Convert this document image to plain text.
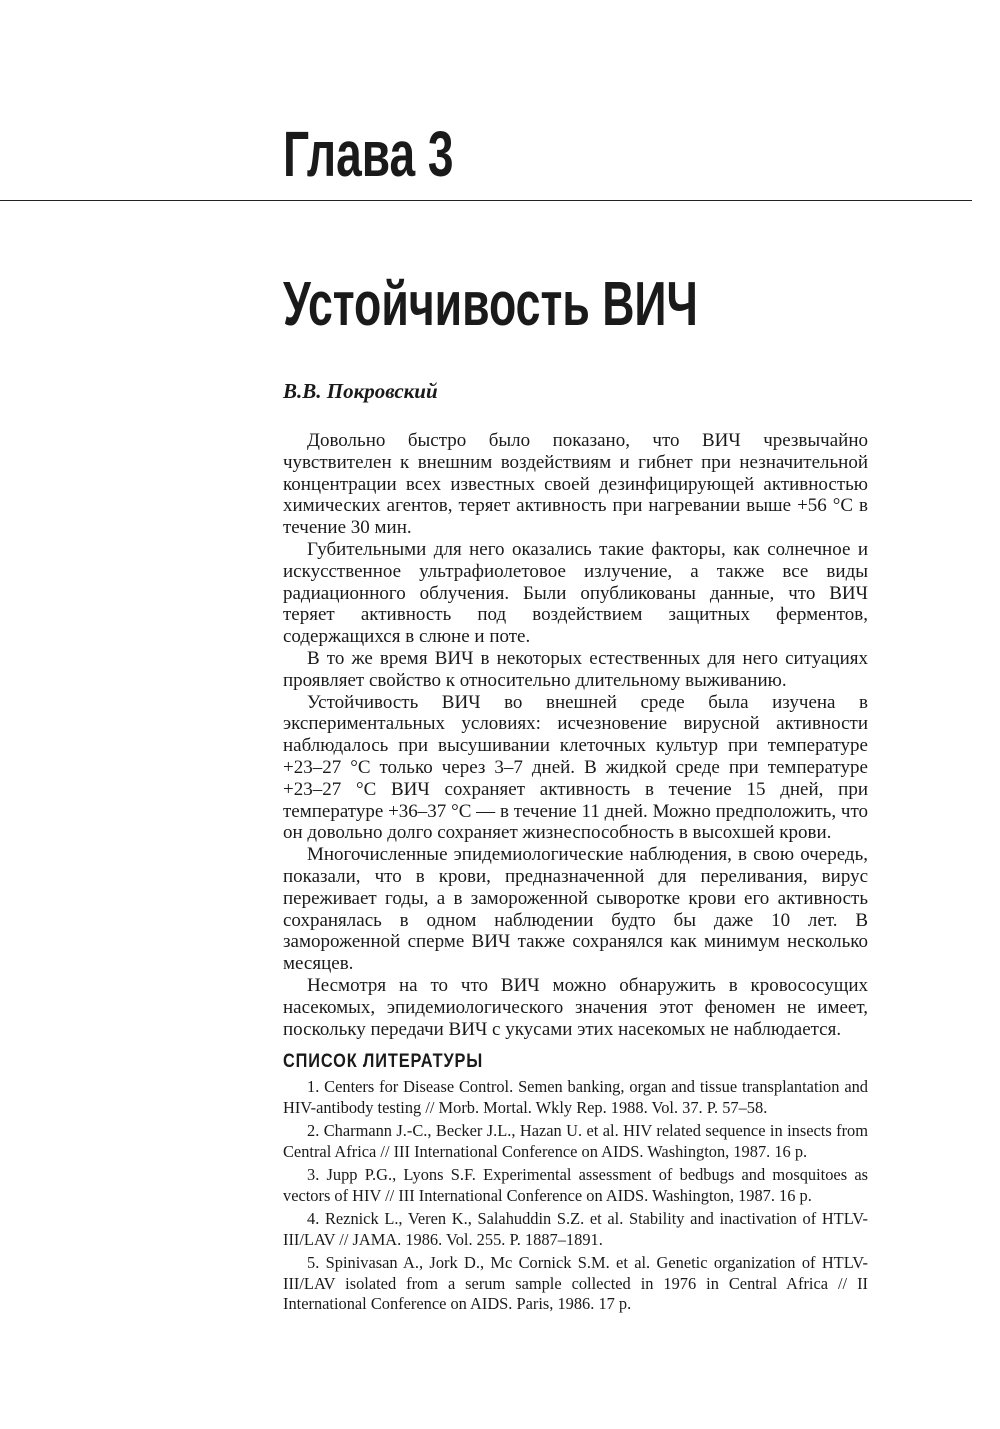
Глава 3
Устойчивость ВИЧ

В.В. Покровский

Довольно быстро было показано, что ВИЧ чрезвычайно чувствителен к внешним воздействиям и гибнет при незначительной концентрации всех известных своей дезинфицирующей активностью химических агентов, теряет активность при нагревании выше +56 °С в течение 30 мин.

Губительными для него оказались такие факторы, как солнечное и искусственное ультрафиолетовое излучение, а также все виды радиационного облучения. Были опубликованы данные, что ВИЧ теряет активность под воздействием защитных ферментов, содержащихся в слюне и поте.

В то же время ВИЧ в некоторых естественных для него ситуациях проявляет свойство к относительно длительному выживанию.

Устойчивость ВИЧ во внешней среде была изучена в экспериментальных условиях: исчезновение вирусной активности наблюдалось при высушивании клеточных культур при температуре +23–27 °С только через 3–7 дней. В жидкой среде при температуре +23–27 °С ВИЧ сохраняет активность в течение 15 дней, при температуре +36–37 °С — в течение 11 дней. Можно предположить, что он довольно долго сохраняет жизнеспособность в высохшей крови.

Многочисленные эпидемиологические наблюдения, в свою очередь, показали, что в крови, предназначенной для переливания, вирус переживает годы, а в замороженной сыворотке крови его активность сохранялась в одном наблюдении будто бы даже 10 лет. В замороженной сперме ВИЧ также сохранялся как минимум несколько месяцев.

Несмотря на то что ВИЧ можно обнаружить в кровососущих насекомых, эпидемиологического значения этот феномен не имеет, поскольку передачи ВИЧ с укусами этих насекомых не наблюдается.

СПИСОК ЛИТЕРАТУРЫ
1. Centers for Disease Control. Semen banking, organ and tissue transplantation and HIV-antibody testing // Morb. Mortal. Wkly Rep. 1988. Vol. 37. P. 57–58.
2. Charmann J.-C., Becker J.L., Hazan U. et al. HIV related sequence in insects from Central Africa // III International Conference on AIDS. Washington, 1987. 16 p.
3. Jupp P.G., Lyons S.F. Experimental assessment of bedbugs and mosquitoes as vectors of HIV // III International Conference on AIDS. Washington, 1987. 16 p.
4. Reznick L., Veren K., Salahuddin S.Z. et al. Stability and inactivation of HTLV-III/LAV // JAMA. 1986. Vol. 255. P. 1887–1891.
5. Spinivasan A., Jork D., Mc Cornick S.M. et al. Genetic organization of HTLV- III/LAV isolated from a serum sample collected in 1976 in Central Africa // II International Conference on AIDS. Paris, 1986. 17 p.
